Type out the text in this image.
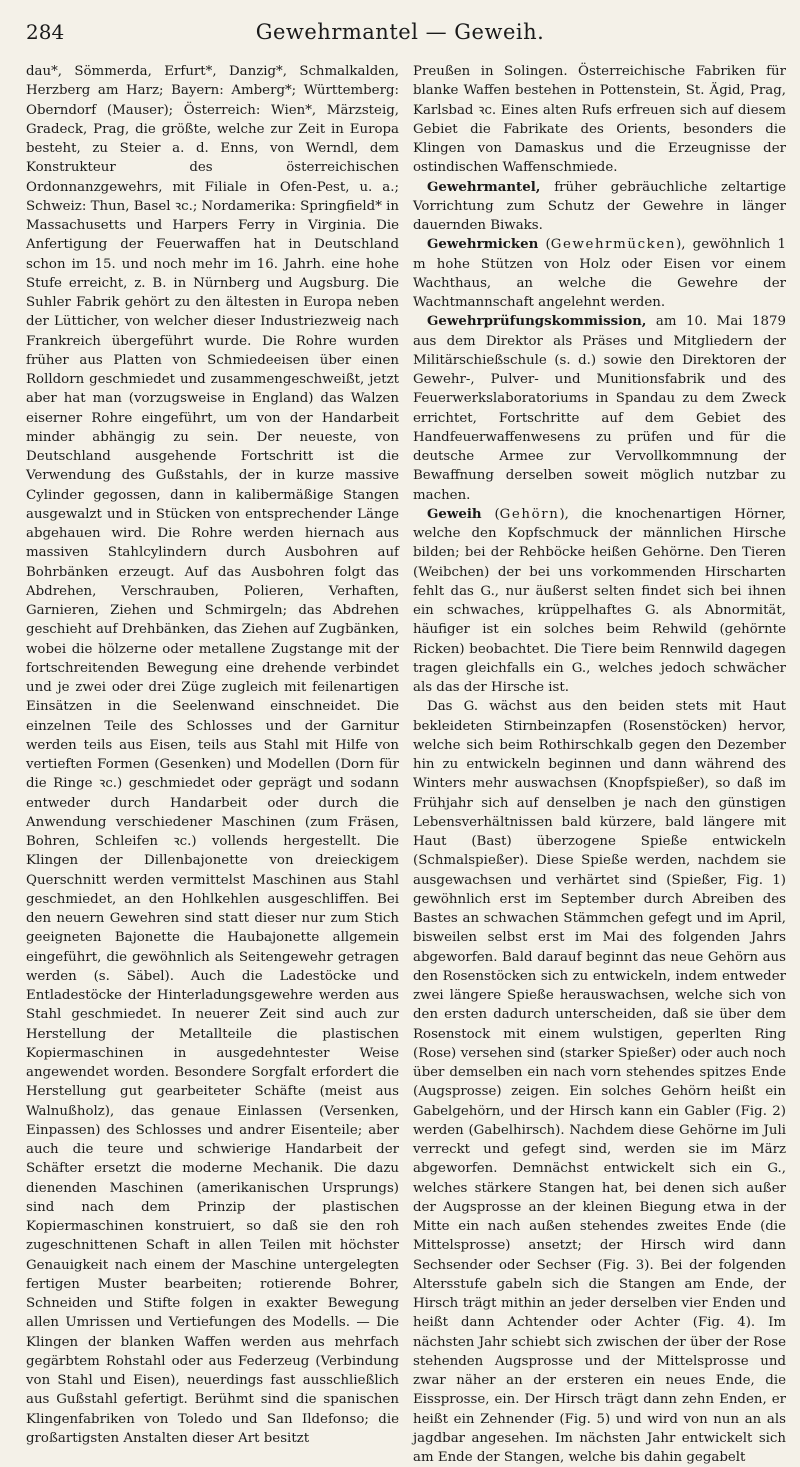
284	Gewehrmantel — Geweih.

dau*, Sömmerda, Erfurt*, Danzig*, Schmalkalden, Herzberg am Harz; Bayern: Amberg*; Württemberg: Oberndorf (Mauser); Österreich: Wien*, Märzsteig, Gradeck, Prag, die größte, welche zur Zeit in Europa besteht, zu Steier a. d. Enns, von Werndl, dem Konstrukteur des österreichischen Ordonnanzgewehrs, mit Filiale in Ofen-Pest, u. a.; Schweiz: Thun, Basel ꝛc.; Nordamerika: Springfield* in Massachusetts und Harpers Ferry in Virginia. Die Anfertigung der Feuerwaffen hat in Deutschland schon im 15. und noch mehr im 16. Jahrh. eine hohe Stufe erreicht, z. B. in Nürnberg und Augsburg. Die Suhler Fabrik gehört zu den ältesten in Europa neben der Lütticher, von welcher dieser Industriezweig nach Frankreich übergeführt wurde. Die Rohre wurden früher aus Platten von Schmiedeeisen über einen Rolldorn geschmiedet und zusammengeschweißt, jetzt aber hat man (vorzugsweise in England) das Walzen eiserner Rohre eingeführt, um von der Handarbeit minder abhängig zu sein. Der neueste, von Deutschland ausgehende Fortschritt ist die Verwendung des Gußstahls, der in kurze massive Cylinder gegossen, dann in kalibermäßige Stangen ausgewalzt und in Stücken von entsprechender Länge abgehauen wird. Die Rohre werden hiernach aus massiven Stahlcylindern durch Ausbohren auf Bohrbänken erzeugt. Auf das Ausbohren folgt das Abdrehen, Verschrauben, Polieren, Verhaften, Garnieren, Ziehen und Schmirgeln; das Abdrehen geschieht auf Drehbänken, das Ziehen auf Zugbänken, wobei die hölzerne oder metallene Zugstange mit der fortschreitenden Bewegung eine drehende verbindet und je zwei oder drei Züge zugleich mit feilenartigen Einsätzen in die Seelenwand einschneidet. Die einzelnen Teile des Schlosses und der Garnitur werden teils aus Eisen, teils aus Stahl mit Hilfe von vertieften Formen (Gesenken) und Modellen (Dorn für die Ringe ꝛc.) geschmiedet oder geprägt und sodann entweder durch Handarbeit oder durch die Anwendung verschiedener Maschinen (zum Fräsen, Bohren, Schleifen ꝛc.) vollends hergestellt. Die Klingen der Dillenbajonette von dreieckigem Querschnitt werden vermittelst Maschinen aus Stahl geschmiedet, an den Hohlkehlen ausgeschliffen. Bei den neuern Gewehren sind statt dieser nur zum Stich geeigneten Bajonette die Haubajonette allgemein eingeführt, die gewöhnlich als Seitengewehr getragen werden (s. Säbel). Auch die Ladestöcke und Entladestöcke der Hinterladungsgewehre werden aus Stahl geschmiedet. In neuerer Zeit sind auch zur Herstellung der Metallteile die plastischen Kopiermaschinen in ausgedehntester Weise angewendet worden. Besondere Sorgfalt erfordert die Herstellung gut gearbeiteter Schäfte (meist aus Walnußholz), das genaue Einlassen (Versenken, Einpassen) des Schlosses und andrer Eisenteile; aber auch die teure und schwierige Handarbeit der Schäfter ersetzt die moderne Mechanik. Die dazu dienenden Maschinen (amerikanischen Ursprungs) sind nach dem Prinzip der plastischen Kopiermaschinen konstruiert, so daß sie den roh zugeschnittenen Schaft in allen Teilen mit höchster Genauigkeit nach einem der Maschine untergelegten fertigen Muster bearbeiten; rotierende Bohrer, Schneiden und Stifte folgen in exakter Bewegung allen Umrissen und Vertiefungen des Modells. — Die Klingen der blanken Waffen werden aus mehrfach gegärbtem Rohstahl oder aus Federzeug (Verbindung von Stahl und Eisen), neuerdings fast ausschließlich aus Gußstahl gefertigt. Berühmt sind die spanischen Klingenfabriken von Toledo und San Ildefonso; die großartigsten Anstalten dieser Art besitzt

Preußen in Solingen. Österreichische Fabriken für blanke Waffen bestehen in Pottenstein, St. Ägid, Prag, Karlsbad ꝛc. Eines alten Rufs erfreuen sich auf diesem Gebiet die Fabrikate des Orients, besonders die Klingen von Damaskus und die Erzeugnisse der ostindischen Waffenschmiede.

Gewehrmantel, früher gebräuchliche zeltartige Vorrichtung zum Schutz der Gewehre in länger dauernden Biwaks.

Gewehrmicken (Gewehrmücken), gewöhnlich 1 m hohe Stützen von Holz oder Eisen vor einem Wachthaus, an welche die Gewehre der Wachtmannschaft angelehnt werden.

Gewehrprüfungskommission, am 10. Mai 1879 aus dem Direktor als Präses und Mitgliedern der Militärschießschule (s. d.) sowie den Direktoren der Gewehr-, Pulver- und Munitionsfabrik und des Feuerwerkslaboratoriums in Spandau zu dem Zweck errichtet, Fortschritte auf dem Gebiet des Handfeuerwaffenwesens zu prüfen und für die deutsche Armee zur Vervollkommnung der Bewaffnung derselben soweit möglich nutzbar zu machen.

Geweih (Gehörn), die knochenartigen Hörner, welche den Kopfschmuck der männlichen Hirsche bilden; bei der Rehböcke heißen Gehörne. Den Tieren (Weibchen) der bei uns vorkommenden Hirscharten fehlt das G., nur äußerst selten findet sich bei ihnen ein schwaches, krüppelhaftes G. als Abnormität, häufiger ist ein solches beim Rehwild (gehörnte Ricken) beobachtet. Die Tiere beim Rennwild dagegen tragen gleichfalls ein G., welches jedoch schwächer als das der Hirsche ist.

Das G. wächst aus den beiden stets mit Haut bekleideten Stirnbeinzapfen (Rosenstöcken) hervor, welche sich beim Rothirschkalb gegen den Dezember hin zu entwickeln beginnen und dann während des Winters mehr auswachsen (Knopfspießer), so daß im Frühjahr sich auf denselben je nach den günstigen Lebensverhältnissen bald kürzere, bald längere mit Haut (Bast) überzogene Spieße entwickeln (Schmalspießer). Diese Spieße werden, nachdem sie ausgewachsen und verhärtet sind (Spießer, Fig. 1) gewöhnlich erst im September durch Abreiben des Bastes an schwachen Stämmchen gefegt und im April, bisweilen selbst erst im Mai des folgenden Jahrs abgeworfen. Bald darauf beginnt das neue Gehörn aus den Rosenstöcken sich zu entwickeln, indem entweder zwei längere Spieße herauswachsen, welche sich von den ersten dadurch unterscheiden, daß sie über dem Rosenstock mit einem wulstigen, geperlten Ring (Rose) versehen sind (starker Spießer) oder auch noch über demselben ein nach vorn stehendes spitzes Ende (Augsprosse) zeigen. Ein solches Gehörn heißt ein Gabelgehörn, und der Hirsch kann ein Gabler (Fig. 2) werden (Gabelhirsch). Nachdem diese Gehörne im Juli verreckt und gefegt sind, werden sie im März abgeworfen. Demnächst entwickelt sich ein G., welches stärkere Stangen hat, bei denen sich außer der Augsprosse an der kleinen Biegung etwa in der Mitte ein nach außen stehendes zweites Ende (die Mittelsprosse) ansetzt; der Hirsch wird dann Sechsender oder Sechser (Fig. 3). Bei der folgenden Altersstufe gabeln sich die Stangen am Ende, der Hirsch trägt mithin an jeder derselben vier Enden und heißt dann Achtender oder Achter (Fig. 4). Im nächsten Jahr schiebt sich zwischen der über der Rose stehenden Augsprosse und der Mittelsprosse und zwar näher an der ersteren ein neues Ende, die Eissprosse, ein. Der Hirsch trägt dann zehn Enden, er heißt ein Zehnender (Fig. 5) und wird von nun an als jagdbar angesehen. Im nächsten Jahr entwickelt sich am Ende der Stangen, welche bis dahin gegabelt
